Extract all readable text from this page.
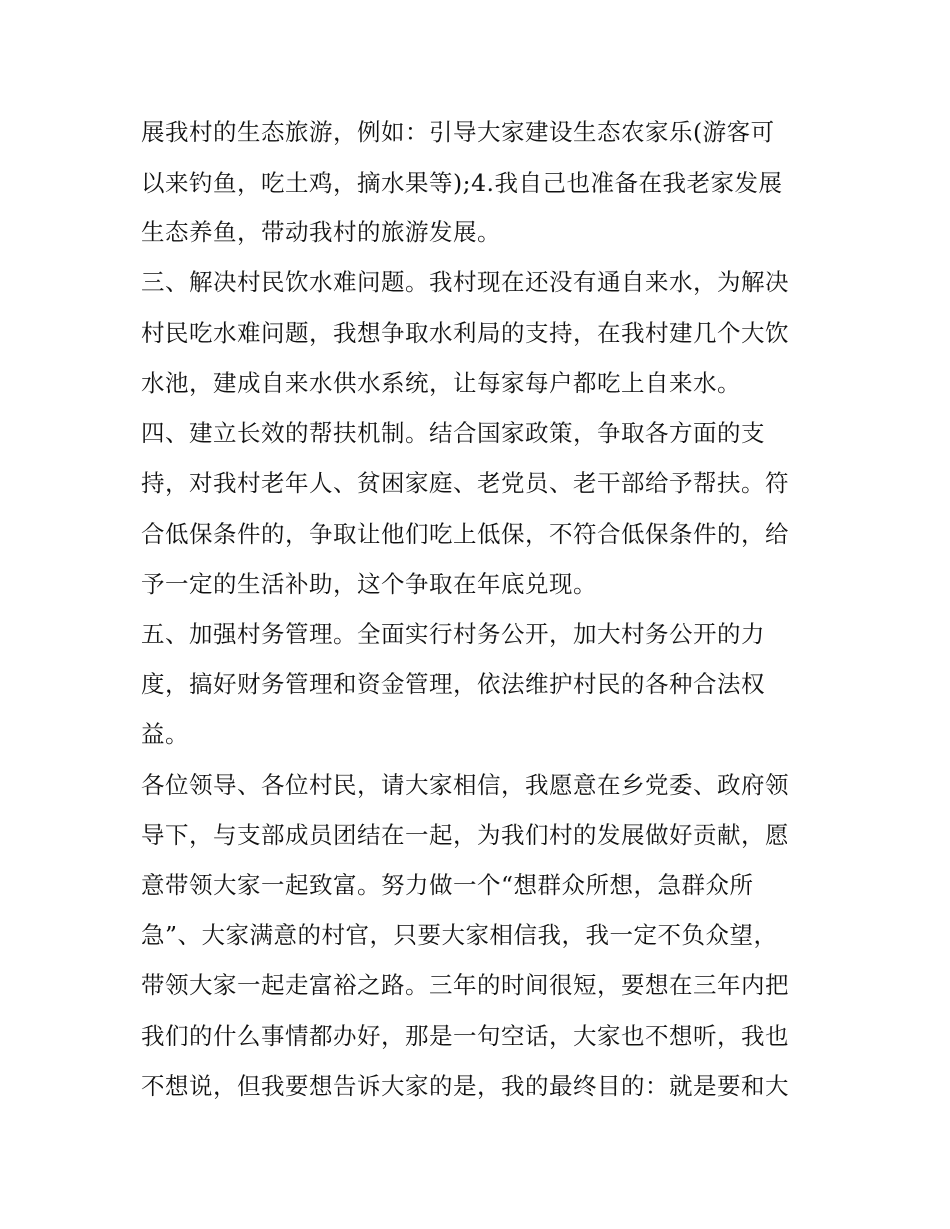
展我村的生态旅游，例如：引导大家建设生态农家乐(游客可
以来钓鱼，吃土鸡，摘水果等);4.我自己也准备在我老家发展
生态养鱼，带动我村的旅游发展。
三、解决村民饮水难问题。我村现在还没有通自来水，为解决
村民吃水难问题，我想争取水利局的支持，在我村建几个大饮
水池，建成自来水供水系统，让每家每户都吃上自来水。
四、建立长效的帮扶机制。结合国家政策，争取各方面的支
持，对我村老年人、贫困家庭、老党员、老干部给予帮扶。符
合低保条件的，争取让他们吃上低保，不符合低保条件的，给
予一定的生活补助，这个争取在年底兑现。
五、加强村务管理。全面实行村务公开，加大村务公开的力
度，搞好财务管理和资金管理，依法维护村民的各种合法权
益。
各位领导、各位村民，请大家相信，我愿意在乡党委、政府领
导下，与支部成员团结在一起，为我们村的发展做好贡献，愿
意带领大家一起致富。努力做一个“想群众所想，急群众所
急”、大家满意的村官，只要大家相信我，我一定不负众望，
带领大家一起走富裕之路。三年的时间很短，要想在三年内把
我们的什么事情都办好，那是一句空话，大家也不想听，我也
不想说，但我要想告诉大家的是，我的最终目的：就是要和大
